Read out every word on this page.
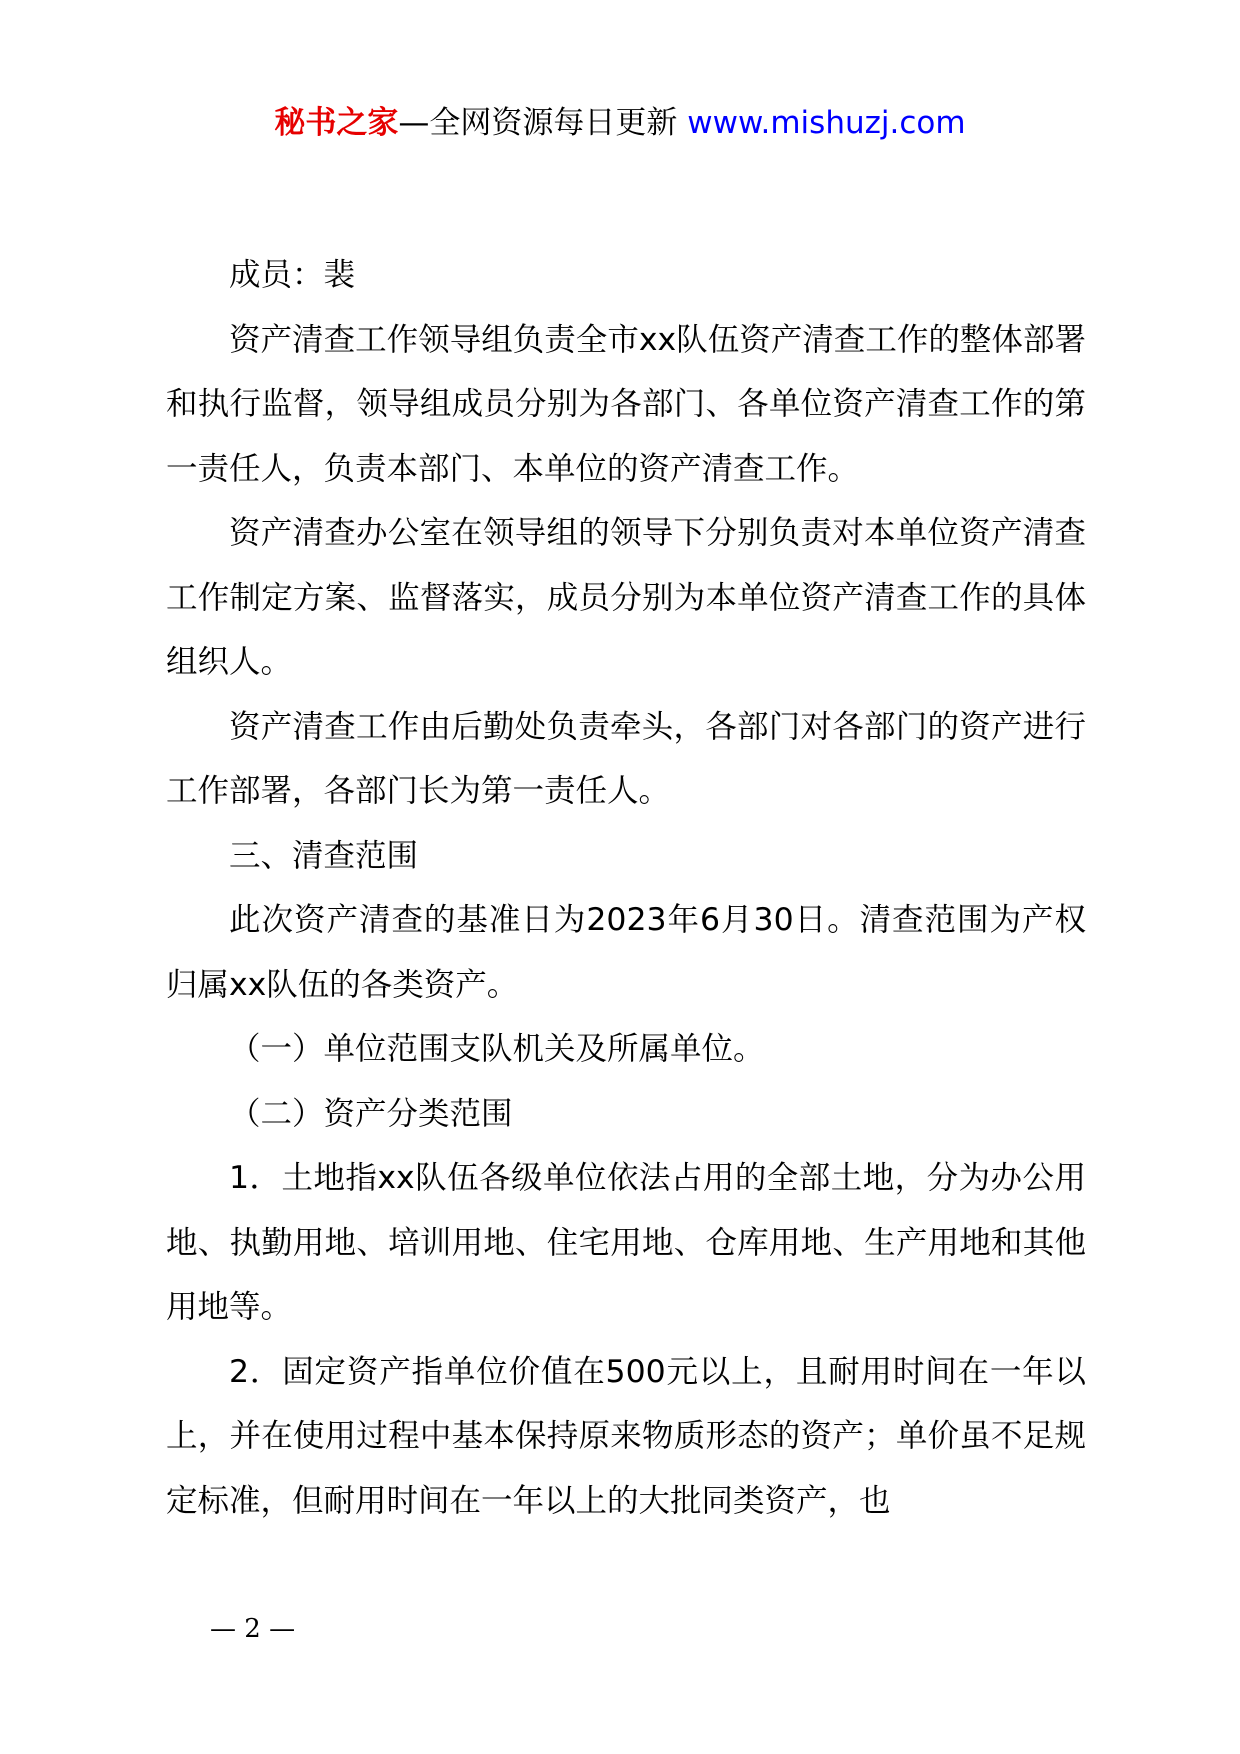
秘书之家—全网资源每日更新 www.mishuzj.com

成员：裴

资产清查工作领导组负责全市xx队伍资产清查工作的整体部署和执行监督，领导组成员分别为各部门、各单位资产清查工作的第一责任人，负责本部门、本单位的资产清查工作。

资产清查办公室在领导组的领导下分别负责对本单位资产清查工作制定方案、监督落实，成员分别为本单位资产清查工作的具体组织人。

资产清查工作由后勤处负责牵头，各部门对各部门的资产进行工作部署，各部门长为第一责任人。

三、清查范围

此次资产清查的基准日为2023年6月30日。清查范围为产权归属xx队伍的各类资产。

（一）单位范围支队机关及所属单位。

（二）资产分类范围

1．土地指xx队伍各级单位依法占用的全部土地，分为办公用地、执勤用地、培训用地、住宅用地、仓库用地、生产用地和其他用地等。

2．固定资产指单位价值在500元以上，且耐用时间在一年以上，并在使用过程中基本保持原来物质形态的资产；单价虽不足规定标准，但耐用时间在一年以上的大批同类资产，也

— 2 —
